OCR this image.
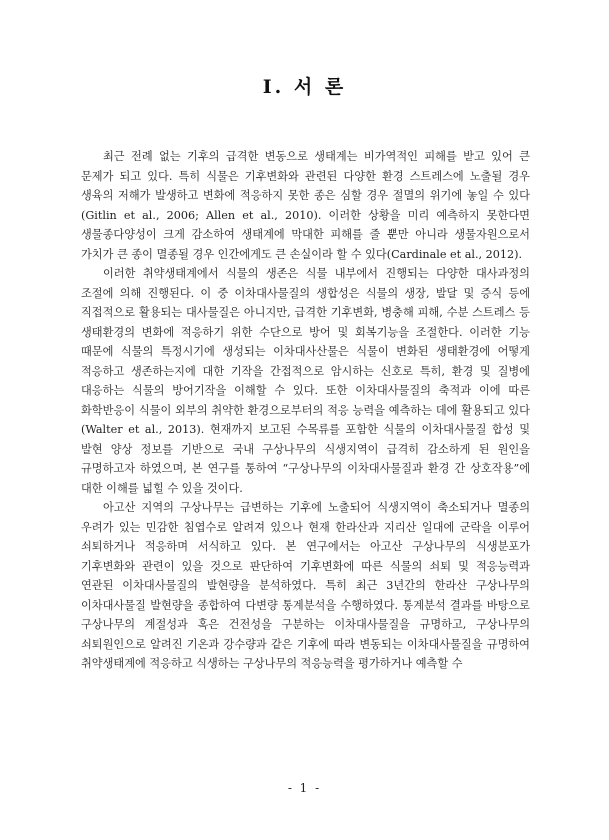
Ⅰ. 서 론

최근 전례 없는 기후의 급격한 변동으로 생태계는 비가역적인 피해를 받고 있어 큰 문제가 되고 있다. 특히 식물은 기후변화와 관련된 다양한 환경 스트레스에 노출될 경우 생육의 저해가 발생하고 변화에 적응하지 못한 종은 심할 경우 절멸의 위기에 놓일 수 있다(Gitlin et al., 2006; Allen et al., 2010). 이러한 상황을 미리 예측하지 못한다면 생물종다양성이 크게 감소하여 생태계에 막대한 피해를 줄 뿐만 아니라 생물자원으로서 가치가 큰 종이 멸종될 경우 인간에게도 큰 손실이라 할 수 있다(Cardinale et al., 2012).

이러한 취약생태계에서 식물의 생존은 식물 내부에서 진행되는 다양한 대사과정의 조절에 의해 진행된다. 이 중 이차대사물질의 생합성은 식물의 생장, 발달 및 증식 등에 직접적으로 활용되는 대사물질은 아니지만, 급격한 기후변화, 병충해 피해, 수분 스트레스 등 생태환경의 변화에 적응하기 위한 수단으로 방어 및 회복기능을 조절한다. 이러한 기능 때문에 식물의 특정시기에 생성되는 이차대사산물은 식물이 변화된 생태환경에 어떻게 적응하고 생존하는지에 대한 기작을 간접적으로 암시하는 신호로 특히, 환경 및 질병에 대응하는 식물의 방어기작을 이해할 수 있다. 또한 이차대사물질의 축적과 이에 따른 화학반응이 식물이 외부의 취약한 환경으로부터의 적응 능력을 예측하는 데에 활용되고 있다(Walter et al., 2013). 현재까지 보고된 수목류를 포함한 식물의 이차대사물질 합성 및 발현 양상 정보를 기반으로 국내 구상나무의 식생지역이 급격히 감소하게 된 원인을 규명하고자 하였으며, 본 연구를 통하여 “구상나무의 이차대사물질과 환경 간 상호작용”에 대한 이해를 넓힐 수 있을 것이다.

아고산 지역의 구상나무는 급변하는 기후에 노출되어 식생지역이 축소되거나 멸종의 우려가 있는 민감한 침엽수로 알려져 있으나 현재 한라산과 지리산 일대에 군락을 이루어 쇠퇴하거나 적응하며 서식하고 있다. 본 연구에서는 아고산 구상나무의 식생분포가 기후변화와 관련이 있을 것으로 판단하여 기후변화에 따른 식물의 쇠퇴 및 적응능력과 연관된 이차대사물질의 발현량을 분석하였다. 특히 최근 3년간의 한라산 구상나무의 이차대사물질 발현량을 종합하여 다변량 통계분석을 수행하였다. 통계분석 결과를 바탕으로 구상나무의 계절성과 혹은 건전성을 구분하는 이차대사물질을 규명하고, 구상나무의 쇠퇴원인으로 알려진 기온과 강수량과 같은 기후에 따라 변동되는 이차대사물질을 규명하여 취약생태계에 적응하고 식생하는 구상나무의 적응능력을 평가하거나 예측할 수

- 1 -
